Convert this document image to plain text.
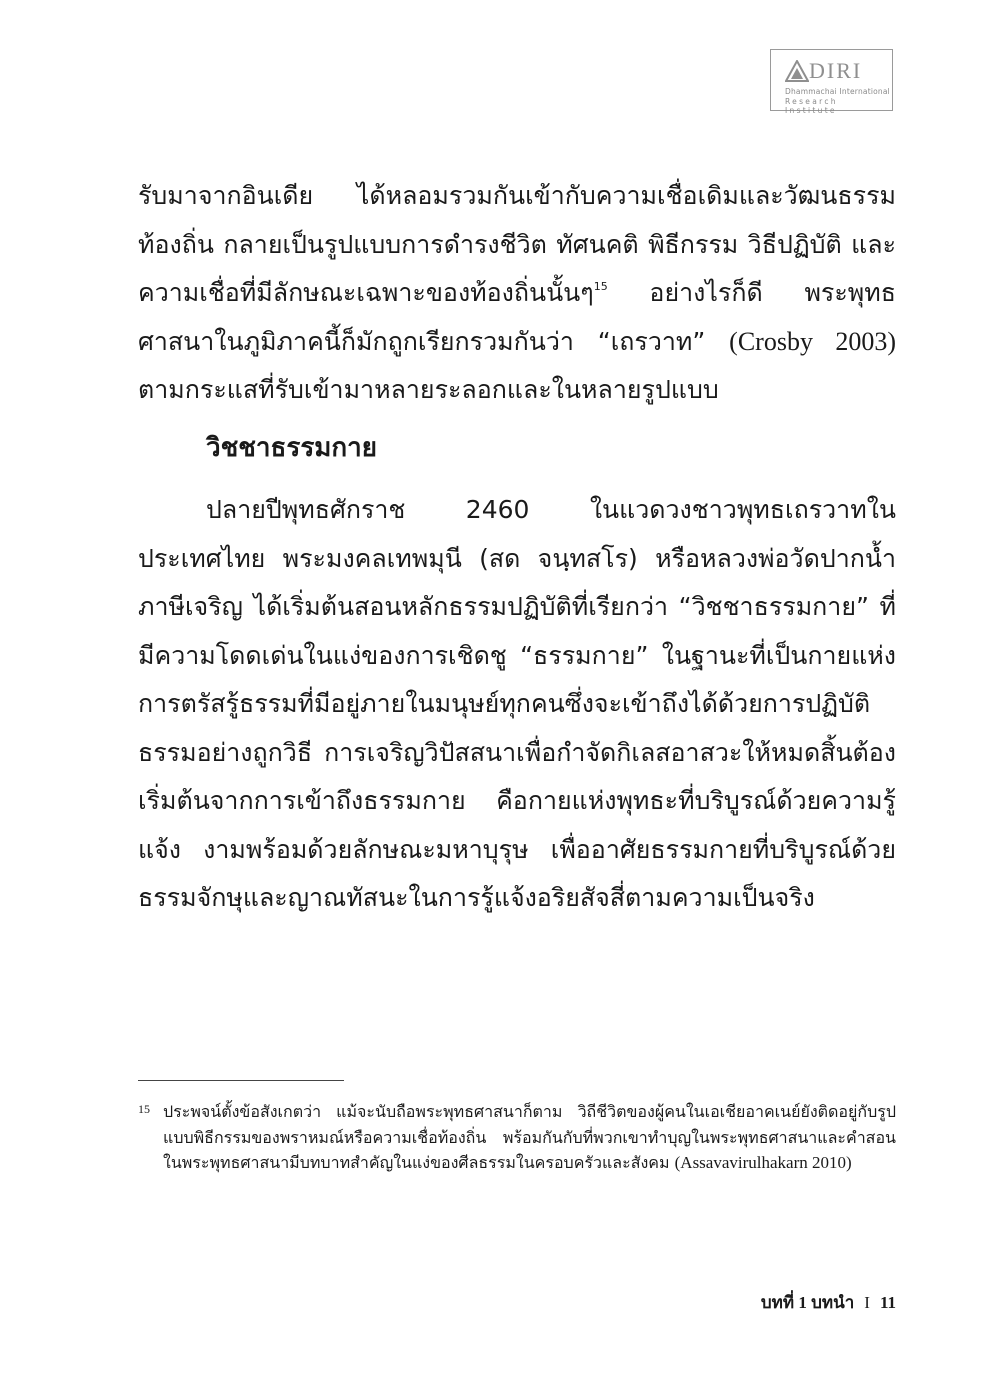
DIRI
Dhammachai International
Research Institute

รับมาจากอินเดีย ได้หลอมรวมกันเข้ากับความเชื่อเดิมและวัฒนธรรมท้องถิ่น กลายเป็นรูปแบบการดำรงชีวิต ทัศนคติ พิธีกรรม วิธีปฏิบัติ และความเชื่อที่มีลักษณะเฉพาะของท้องถิ่นนั้นๆ$^{15}$ อย่างไรก็ดี พระพุทธศาสนาในภูมิภาคนี้ก็มักถูกเรียกรวมกันว่า “เถรวาท” (Crosby 2003) ตามกระแสที่รับเข้ามาหลายระลอกและในหลายรูปแบบ

วิชชาธรรมกาย

ปลายปีพุทธศักราช 2460 ในแวดวงชาวพุทธเถรวาทในประเทศไทย พระมงคลเทพมุนี (สด จนฺทสโร) หรือหลวงพ่อวัดปากน้ำ ภาษีเจริญ ได้เริ่มต้นสอนหลักธรรมปฏิบัติที่เรียกว่า “วิชชาธรรมกาย” ที่มีความโดดเด่นในแง่ของการเชิดชู “ธรรมกาย” ในฐานะที่เป็นกายแห่งการตรัสรู้ธรรมที่มีอยู่ภายในมนุษย์ทุกคนซึ่งจะเข้าถึงได้ด้วยการปฏิบัติธรรมอย่างถูกวิธี การเจริญวิปัสสนาเพื่อกำจัดกิเลสอาสวะให้หมดสิ้นต้องเริ่มต้นจากการเข้าถึงธรรมกาย คือกายแห่งพุทธะที่บริบูรณ์ด้วยความรู้แจ้ง งามพร้อมด้วยลักษณะมหาบุรุษ เพื่ออาศัยธรรมกายที่บริบูรณ์ด้วยธรรมจักษุและญาณทัสนะในการรู้แจ้งอริยสัจสี่ตามความเป็นจริง

15 ประพจน์ตั้งข้อสังเกตว่า แม้จะนับถือพระพุทธศาสนาก็ตาม วิถีชีวิตของผู้คนในเอเชียอาคเนย์ยังติดอยู่กับรูปแบบพิธีกรรมของพราหมณ์หรือความเชื่อท้องถิ่น พร้อมกันกับที่พวกเขาทำบุญในพระพุทธศาสนาและคำสอนในพระพุทธศาสนามีบทบาทสำคัญในแง่ของศีลธรรมในครอบครัวและสังคม (Assavavirulhakarn 2010)

บทที่ 1 บทนำ I 11
